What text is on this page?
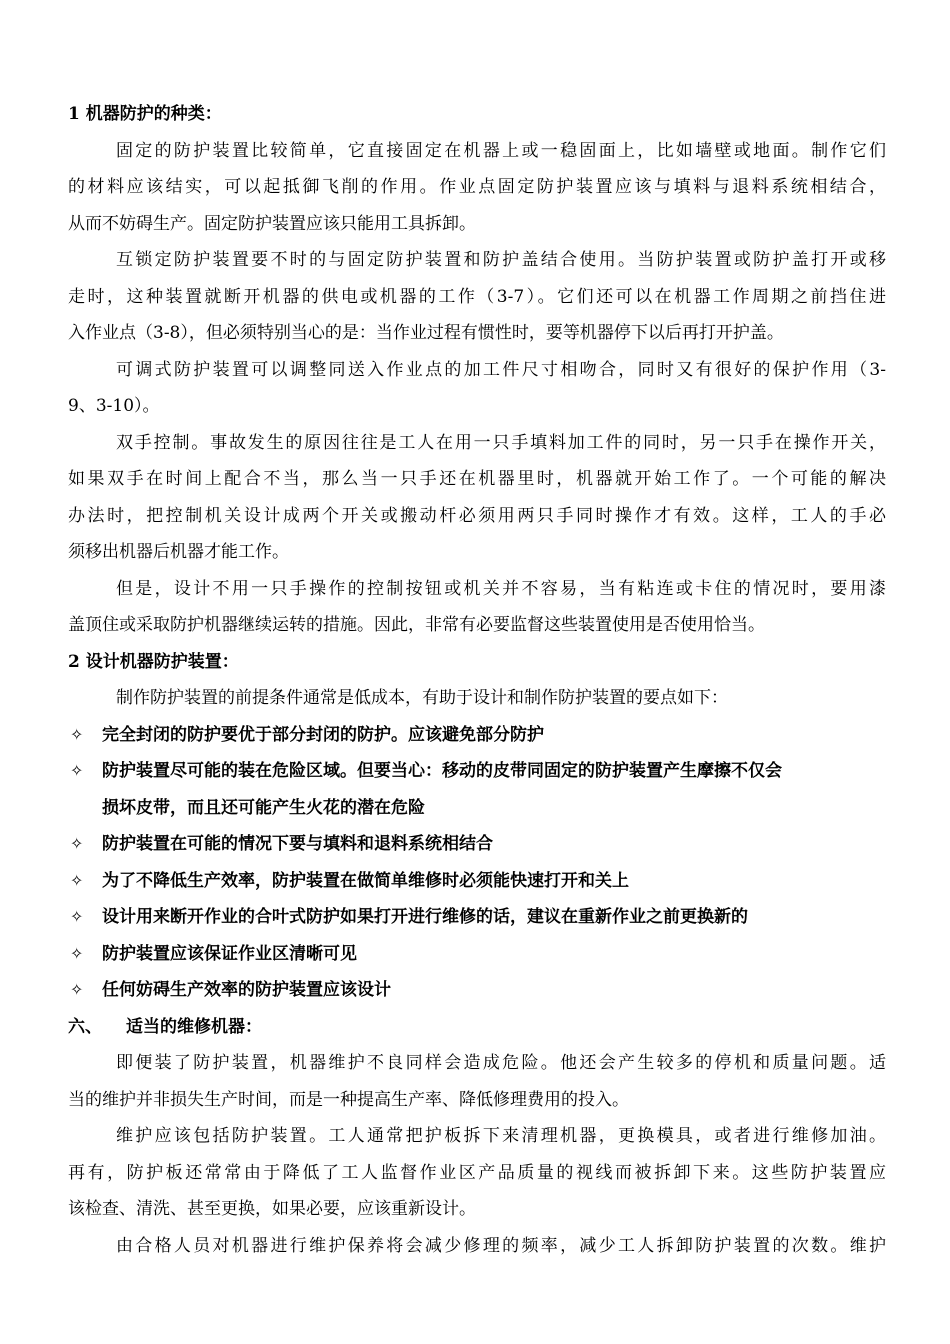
1 机器防护的种类：
固定的防护装置比较简单，它直接固定在机器上或一稳固面上，比如墙壁或地面。制作它们
的材料应该结实，可以起抵御飞削的作用。作业点固定防护装置应该与填料与退料系统相结合，
从而不妨碍生产。固定防护装置应该只能用工具拆卸。
互锁定防护装置要不时的与固定防护装置和防护盖结合使用。当防护装置或防护盖打开或移
走时，这种装置就断开机器的供电或机器的工作（3-7）。它们还可以在机器工作周期之前挡住进
入作业点（3-8），但必须特别当心的是：当作业过程有惯性时，要等机器停下以后再打开护盖。
可调式防护装置可以调整同送入作业点的加工件尺寸相吻合，同时又有很好的保护作用（3-
9、3-10）。
双手控制。事故发生的原因往往是工人在用一只手填料加工件的同时，另一只手在操作开关，
如果双手在时间上配合不当，那么当一只手还在机器里时，机器就开始工作了。一个可能的解决
办法时，把控制机关设计成两个开关或搬动杆必须用两只手同时操作才有效。这样，工人的手必
须移出机器后机器才能工作。
但是，设计不用一只手操作的控制按钮或机关并不容易，当有粘连或卡住的情况时，要用漆
盖顶住或采取防护机器继续运转的措施。因此，非常有必要监督这些装置使用是否使用恰当。
2 设计机器防护装置：
制作防护装置的前提条件通常是低成本，有助于设计和制作防护装置的要点如下：
✧ 完全封闭的防护要优于部分封闭的防护。应该避免部分防护
✧ 防护装置尽可能的装在危险区域。但要当心：移动的皮带同固定的防护装置产生摩擦不仅会
损坏皮带，而且还可能产生火花的潜在危险
✧ 防护装置在可能的情况下要与填料和退料系统相结合
✧ 为了不降低生产效率，防护装置在做简单维修时必须能快速打开和关上
✧ 设计用来断开作业的合叶式防护如果打开进行维修的话，建议在重新作业之前更换新的
✧ 防护装置应该保证作业区清晰可见
✧ 任何妨碍生产效率的防护装置应该设计
六、 适当的维修机器：
即便装了防护装置，机器维护不良同样会造成危险。他还会产生较多的停机和质量问题。适
当的维护并非损失生产时间，而是一种提高生产率、降低修理费用的投入。
维护应该包括防护装置。工人通常把护板拆下来清理机器，更换模具，或者进行维修加油。
再有，防护板还常常由于降低了工人监督作业区产品质量的视线而被拆卸下来。这些防护装置应
该检查、清洗、甚至更换，如果必要，应该重新设计。
由合格人员对机器进行维护保养将会减少修理的频率，减少工人拆卸防护装置的次数。维护
